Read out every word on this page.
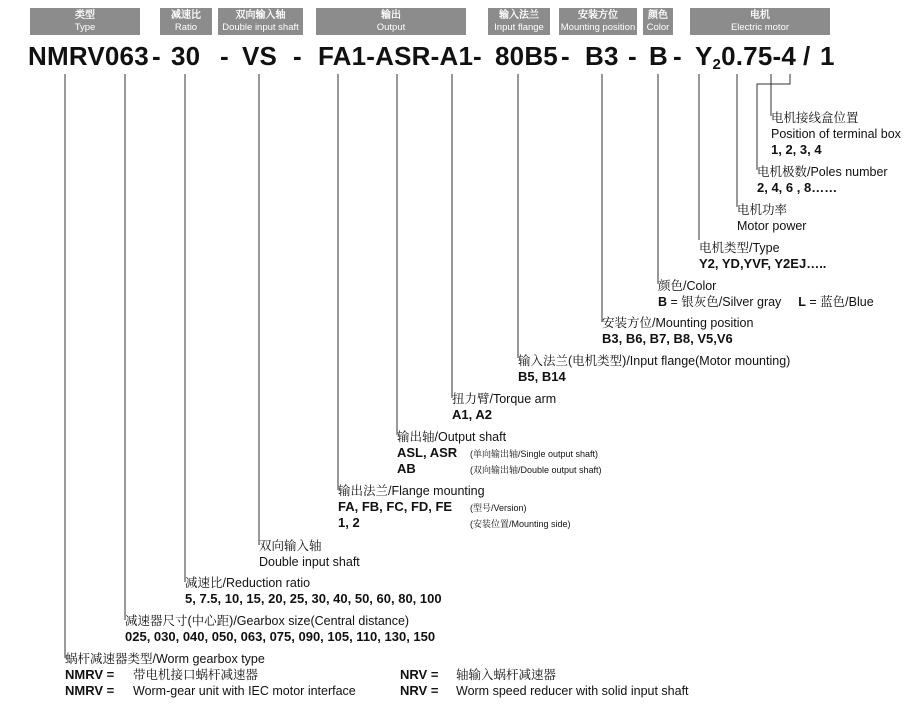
类型
Type
减速比
Ratio
双向输入轴
Double input shaft
输出
Output
输入法兰
Input flange
安装方位
Mounting position
颜色
Color
电机
Electric motor
NMRV063 - 30 - VS - FA1-ASR-A1 - 80B5 - B3 - B - $Y_20.75-4 / 1$
电机接线盒位置
Position of terminal box
1, 2, 3, 4
电机极数/Poles number
2, 4, 6 , 8……
电机功率
Motor power
电机类型/Type
Y2, YD,YVF, Y2EJ…..
颜色/Color
B = 银灰色/Silver gray L = 蓝色/Blue
安装方位/Mounting position
B3, B6, B7, B8, V5,V6
输入法兰(电机类型)/Input flange(Motor mounting)
B5, B14
扭力臂/Torque arm
A1, A2
输出轴/Output shaft
ASL, ASR (单向输出轴/Single output shaft)
AB	(双向输出轴/Double output shaft)
输出法兰/Flange mounting
FA, FB, FC, FD, FE (型号/Version)
1, 2	(安装位置/Mounting side)
双向输入轴
Double input shaft
减速比/Reduction ratio
5, 7.5, 10, 15, 20, 25, 30, 40, 50, 60, 80, 100
减速器尺寸(中心距)/Gearbox size(Central distance)
025, 030, 040, 050, 063, 075, 090, 105, 110, 130, 150
蜗杆减速器类型/Worm gearbox type
NMRV = 带电机接口蜗杆减速器	NRV = 轴输入蜗杆减速器
NMRV = Worm-gear unit with IEC motor interface	NRV = Worm speed reducer with solid input shaft
